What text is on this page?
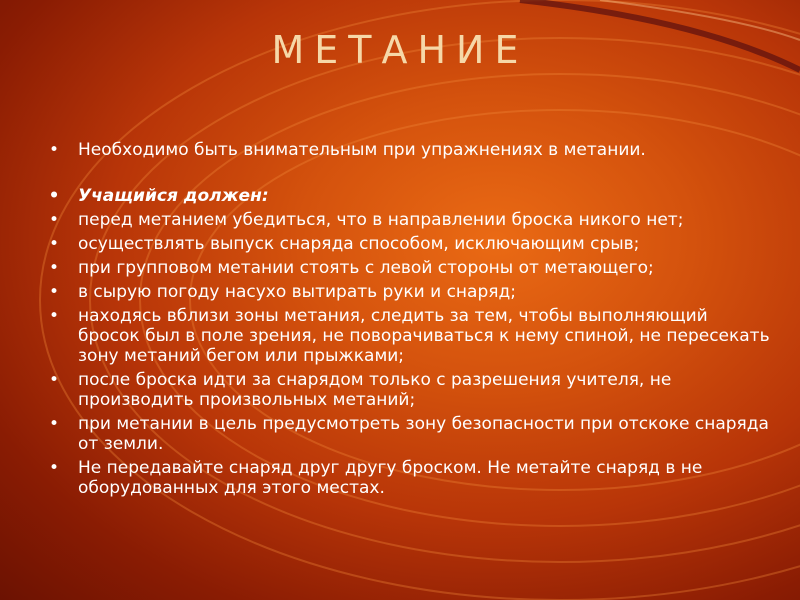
МЕТАНИЕ
• Необходимо быть внимательным при упражнениях в метании.
• Учащийся должен:
• перед метанием убедиться, что в направлении броска никого нет;
• осуществлять выпуск снаряда способом, исключающим срыв;
• при групповом метании стоять с левой стороны от метающего;
• в сырую погоду насухо вытирать руки и снаряд;
• находясь вблизи зоны метания, следить за тем, чтобы выполняющий бросок был в поле зрения, не поворачиваться к нему спиной, не пересекать зону метаний бегом или прыжками;
• после броска идти за снарядом только с разрешения учителя, не производить произвольных метаний;
• при метании в цель предусмотреть зону безопасности при отскоке снаряда от земли.
• Не передавайте снаряд друг другу броском. Не метайте снаряд в не оборудованных для этого местах.
